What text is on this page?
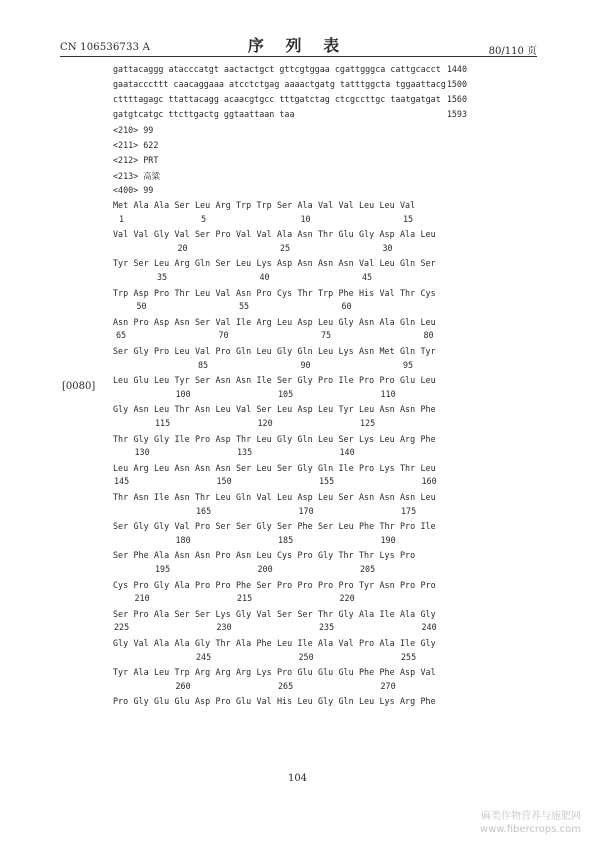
CN 106536733 A	序 列 表	80/110 页
gattacaggg atacccatgt aactactgct gttcgtggaa cgattgggca cattgcacct 1440
gaatacccttt caacaggaaa atcctctgag aaaactgatg tatttggcta tggaattacg 1500
cttttagagc ttattacagg acaacgtgcc tttgatctag ctcgccttgc taatgatgat 1560
gatgtcatgc ttcttgactg ggtaattaan taa	1593
<210> 99
<211> 622
<212> PRT
<213> 高粱
<400> 99
[0080]
Met Ala Ala Ser Leu Arg Trp Trp Ser Ala Val Val Leu Leu Val
1	5	10	15
Val Val Gly Val Ser Pro Val Val Ala Asn Thr Glu Gly Asp Ala Leu
20	25	30
Tyr Ser Leu Arg Gln Ser Leu Lys Asp Asn Asn Asn Val Leu Gln Ser
35	40	45
Trp Asp Pro Thr Leu Val Asn Pro Cys Thr Trp Phe His Val Thr Cys
50	55	60
Asn Pro Asp Asn Ser Val Ile Arg Leu Asp Leu Gly Asn Ala Gln Leu
65	70	75	80
Ser Gly Pro Leu Val Pro Gln Leu Gly Gln Leu Lys Asn Met Gln Tyr
85	90	95
Leu Glu Leu Tyr Ser Asn Asn Ile Ser Gly Pro Ile Pro Pro Glu Leu
100	105	110
Gly Asn Leu Thr Asn Leu Val Ser Leu Asp Leu Tyr Leu Asn Asn Phe
115	120	125
Thr Gly Gly Ile Pro Asp Thr Leu Gly Gln Leu Ser Lys Leu Arg Phe
130	135	140
Leu Arg Leu Asn Asn Asn Ser Leu Ser Gly Gln Ile Pro Lys Thr Leu
145	150	155	160
Thr Asn Ile Asn Thr Leu Gln Val Leu Asp Leu Ser Asn Asn Asn Leu
165	170	175
Ser Gly Gly Val Pro Ser Ser Gly Ser Phe Ser Leu Phe Thr Pro Ile
180	185	190
Ser Phe Ala Asn Asn Pro Asn Leu Cys Pro Gly Thr Thr Lys Pro
195	200	205
Cys Pro Gly Ala Pro Pro Phe Ser Pro Pro Pro Pro Tyr Asn Pro Pro
210	215	220
Ser Pro Ala Ser Ser Lys Gly Val Ser Ser Thr Gly Ala Ile Ala Gly
225	230	235	240
Gly Val Ala Ala Gly Thr Ala Phe Leu Ile Ala Val Pro Ala Ile Gly
245	250	255
Tyr Ala Leu Trp Arg Arg Arg Lys Pro Glu Glu Glu Phe Phe Asp Val
260	265	270
Pro Gly Glu Glu Asp Pro Glu Val His Leu Gly Gln Leu Lys Arg Phe
104
麻类作物营养与施肥网
www.fibercrops.com
